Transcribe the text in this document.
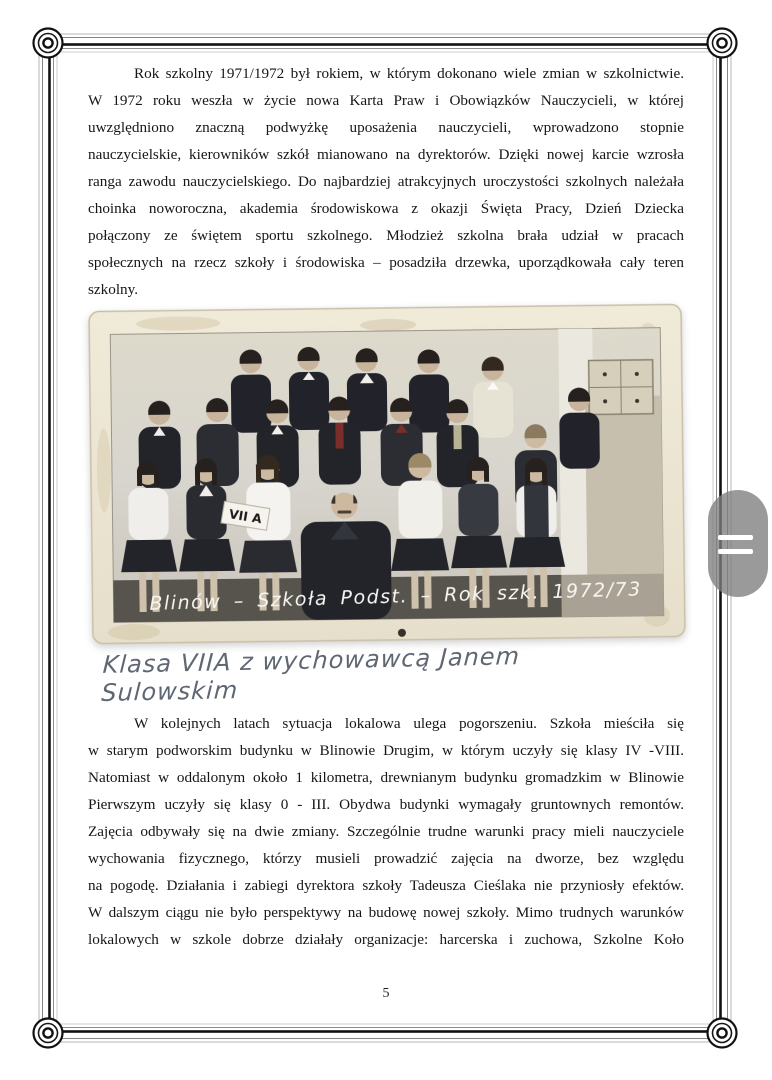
Rok szkolny 1971/1972 był rokiem, w którym dokonano wiele zmian w szkolnictwie.
W 1972 roku weszła w życie nowa Karta Praw i Obowiązków Nauczycieli, w której
uwzględniono znaczną podwyżkę uposażenia nauczycieli, wprowadzono stopnie
nauczycielskie, kierowników szkół mianowano na dyrektorów. Dzięki nowej karcie wzrosła
ranga zawodu nauczycielskiego. Do najbardziej atrakcyjnych uroczystości szkolnych należała
choinka noworoczna, akademia środowiskowa z okazji Święta Pracy, Dzień Dziecka
połączony ze świętem sportu szkolnego. Młodzież szkolna brała udział w pracach
społecznych na rzecz szkoły i środowiska – posadziła drzewka, uporządkowała cały teren
szkolny.
VII A
Blinów – Szkoła Podst. – Rok szk. 1972/73
Klasa VIIA z wychowawcą Janem Sulowskim
W kolejnych latach sytuacja lokalowa ulega pogorszeniu. Szkoła mieściła się
w starym podworskim budynku w Blinowie Drugim, w którym uczyły się klasy IV -VIII.
Natomiast w oddalonym około 1 kilometra, drewnianym budynku gromadzkim w Blinowie
Pierwszym uczyły się klasy 0 - III. Obydwa budynki wymagały gruntownych remontów.
Zajęcia odbywały się na dwie zmiany. Szczególnie trudne warunki pracy mieli nauczyciele
wychowania fizycznego, którzy musieli prowadzić zajęcia na dworze, bez względu
na pogodę. Działania i zabiegi dyrektora szkoły Tadeusza Cieślaka nie przyniosły efektów.
W dalszym ciągu nie było perspektywy na budowę nowej szkoły. Mimo trudnych warunków
lokalowych w szkole dobrze działały organizacje: harcerska i zuchowa, Szkolne Koło
5
